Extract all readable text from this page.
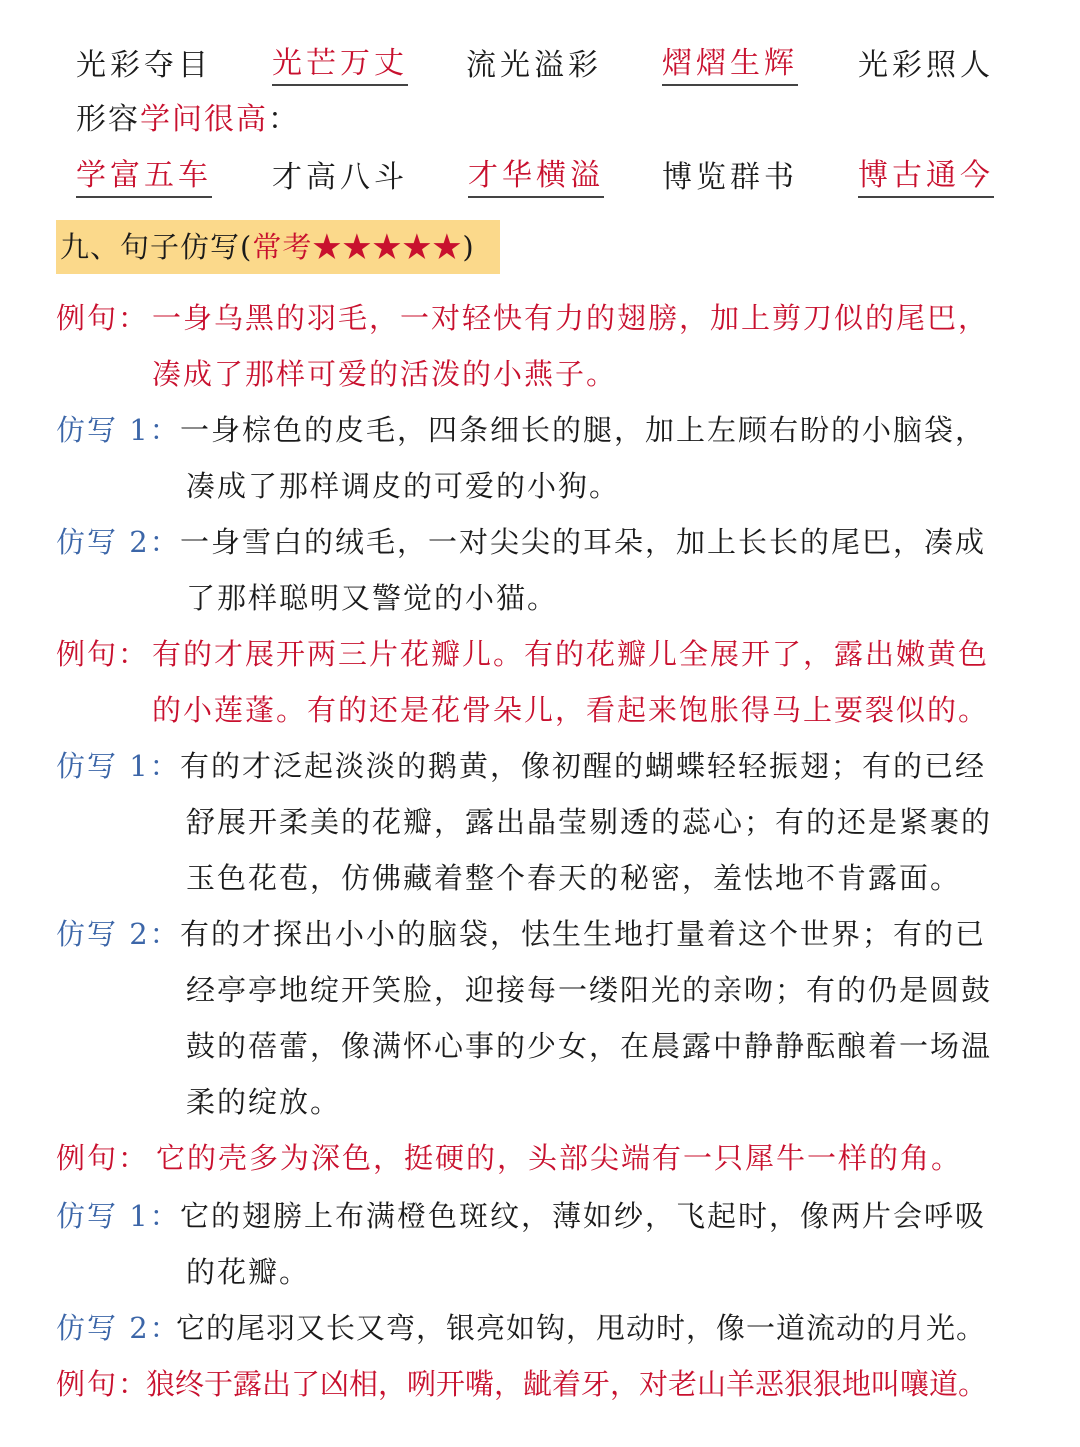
光彩夺目 光芒万丈 流光溢彩 熠熠生辉 光彩照人
形容学问很高：
学富五车 才高八斗 才华横溢 博览群书 博古通今
九、句子仿写(常考★★★★★)
例句： 一身乌黑的羽毛，一对轻快有力的翅膀，加上剪刀似的尾巴，
凑成了那样可爱的活泼的小燕子。
仿写 1： 一身棕色的皮毛，四条细长的腿，加上左顾右盼的小脑袋，
凑成了那样调皮的可爱的小狗。
仿写 2： 一身雪白的绒毛，一对尖尖的耳朵，加上长长的尾巴，凑成
了那样聪明又警觉的小猫。
例句： 有的才展开两三片花瓣儿。有的花瓣儿全展开了，露出嫩黄色
的小莲蓬。有的还是花骨朵儿，看起来饱胀得马上要裂似的。
仿写 1： 有的才泛起淡淡的鹅黄，像初醒的蝴蝶轻轻振翅；有的已经
舒展开柔美的花瓣，露出晶莹剔透的蕊心；有的还是紧裹的
玉色花苞，仿佛藏着整个春天的秘密，羞怯地不肯露面。
仿写 2： 有的才探出小小的脑袋，怯生生地打量着这个世界；有的已
经亭亭地绽开笑脸，迎接每一缕阳光的亲吻；有的仍是圆鼓
鼓的蓓蕾，像满怀心事的少女，在晨露中静静酝酿着一场温
柔的绽放。
例句： 它的壳多为深色，挺硬的，头部尖端有一只犀牛一样的角。
仿写 1： 它的翅膀上布满橙色斑纹，薄如纱，飞起时，像两片会呼吸
的花瓣。
仿写 2：
它的尾羽又长又弯，银亮如钩，甩动时，像一道流动的月光。
例句：
狼终于露出了凶相，咧开嘴，龇着牙，对老山羊恶狠狠地叫嚷道。
